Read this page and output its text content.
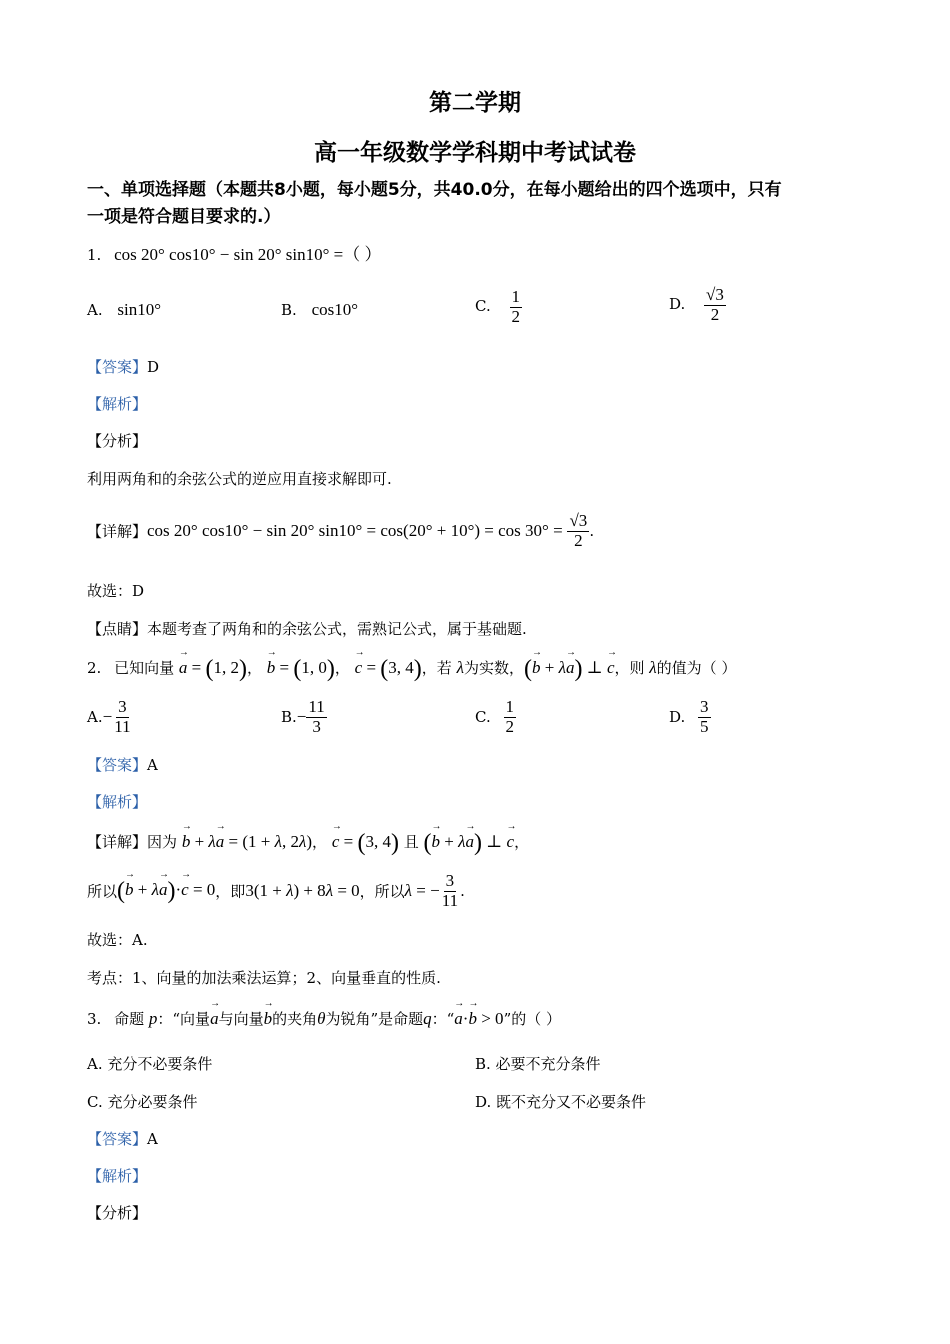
第二学期
高一年级数学学科期中考试试卷
一、单项选择题（本题共8小题，每小题5分，共40.0分，在每小题给出的四个选项中，只有
一项是符合题目要求的.）
1. cos 20° cos10° − sin 20° sin10° =（ ）
A. sin10°	B. cos10°	C. $\frac{1}{2}$	D. $\frac{√3}{2}$
【答案】D
【解析】
【分析】
利用两角和的余弦公式的逆应用直接求解即可.
【详解】cos 20° cos10° − sin 20° $\sin 10^\circ = \cos(20^\circ + 10^\circ) = \cos 30^\circ = \frac{√3}{2}$ .
故选：D
【点睛】本题考查了两角和的余弦公式，需熟记公式，属于基础题.
2. 已知向量 → a = (1, 2)， → b = (1, 0)， → c = (3, 4)，若 λ为实数，(→ b + λ→ a) ⊥ → c，则 λ的值为（ ）
$A.- \frac{3}{11}$	$B.- \frac{11}{3}$	C. $\frac{1}{2}$	D. $\frac{3}{5}$
【答案】A
【解析】
【详解】因为 → b + λ→ a = (1 + λ, 2λ)， → c = (3, 4) 且 (→ b + λ→ a) ⊥ → c，
所以(→ b + λ→ a)·→ c = 0，即3(1 + λ) + 8λ = 0，所以λ = − $\frac{3}{11}$ .
故选：A.
考点：1、向量的加法乘法运算；2、向量垂直的性质.
3. 命题 p：“向量→ a与向量→ b的夹角θ为锐角”是命题q：“→ a·→ b > 0”的（ ）
A. 充分不必要条件	B. 必要不充分条件
C. 充分必要条件	D. 既不充分又不必要条件
【答案】A
【解析】
【分析】
